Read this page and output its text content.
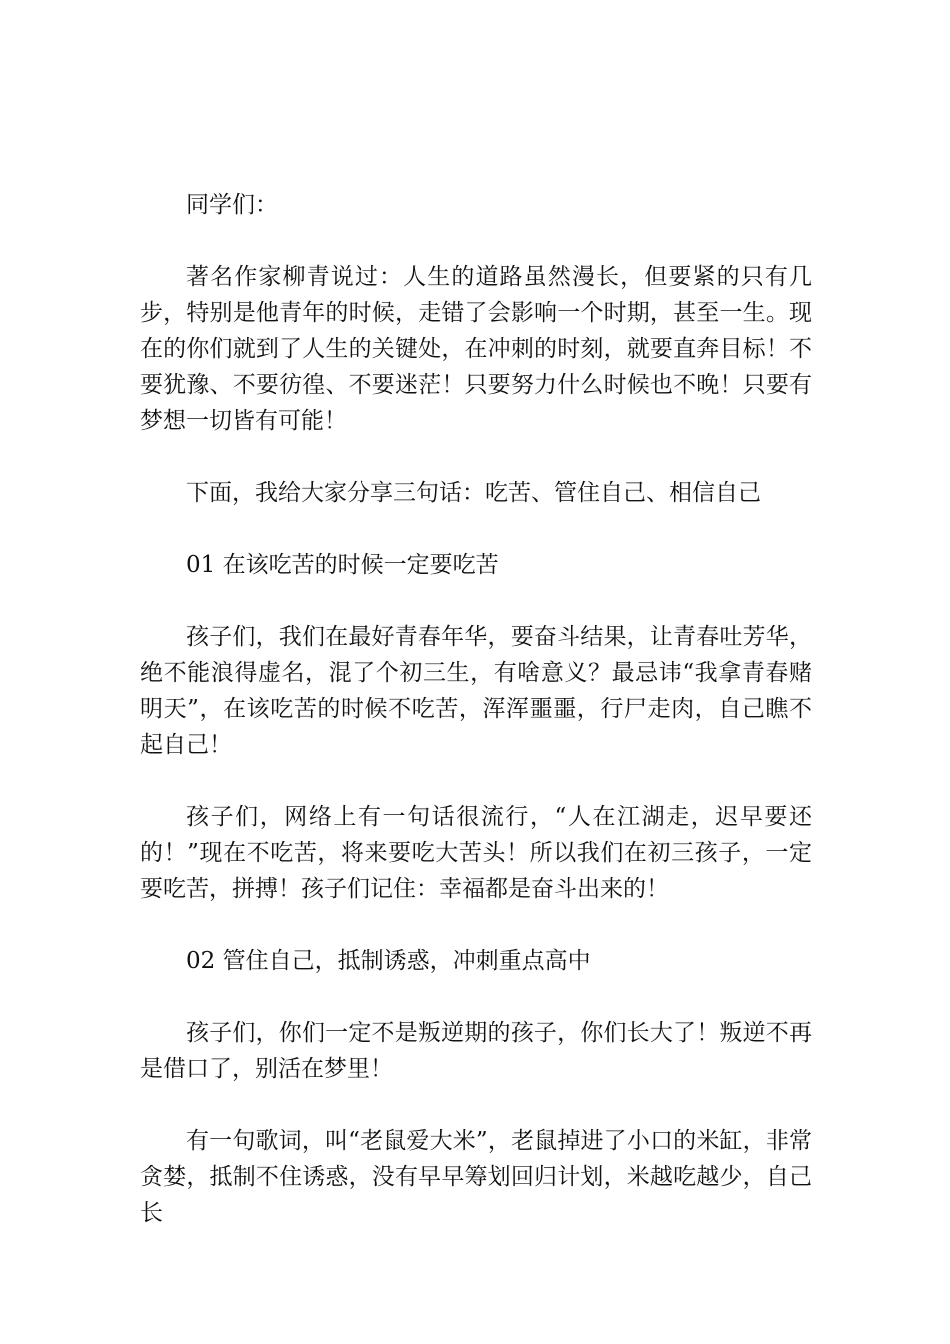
同学们：

著名作家柳青说过：人生的道路虽然漫长，但要紧的只有几步，特别是他青年的时候，走错了会影响一个时期，甚至一生。现在的你们就到了人生的关键处，在冲刺的时刻，就要直奔目标！不要犹豫、不要彷徨、不要迷茫！只要努力什么时候也不晚！只要有梦想一切皆有可能！

下面，我给大家分享三句话：吃苦、管住自己、相信自己

01 在该吃苦的时候一定要吃苦

孩子们，我们在最好青春年华，要奋斗结果，让青春吐芳华，绝不能浪得虚名，混了个初三生，有啥意义？最忌讳“我拿青春赌明天”，在该吃苦的时候不吃苦，浑浑噩噩，行尸走肉，自己瞧不起自己！

孩子们，网络上有一句话很流行，“人在江湖走，迟早要还的！”现在不吃苦，将来要吃大苦头！所以我们在初三孩子，一定要吃苦，拼搏！孩子们记住：幸福都是奋斗出来的！

02 管住自己，抵制诱惑，冲刺重点高中

孩子们，你们一定不是叛逆期的孩子，你们长大了！叛逆不再是借口了，别活在梦里！

有一句歌词，叫“老鼠爱大米”，老鼠掉进了小口的米缸，非常贪婪，抵制不住诱惑，没有早早筹划回归计划，米越吃越少，自己长
